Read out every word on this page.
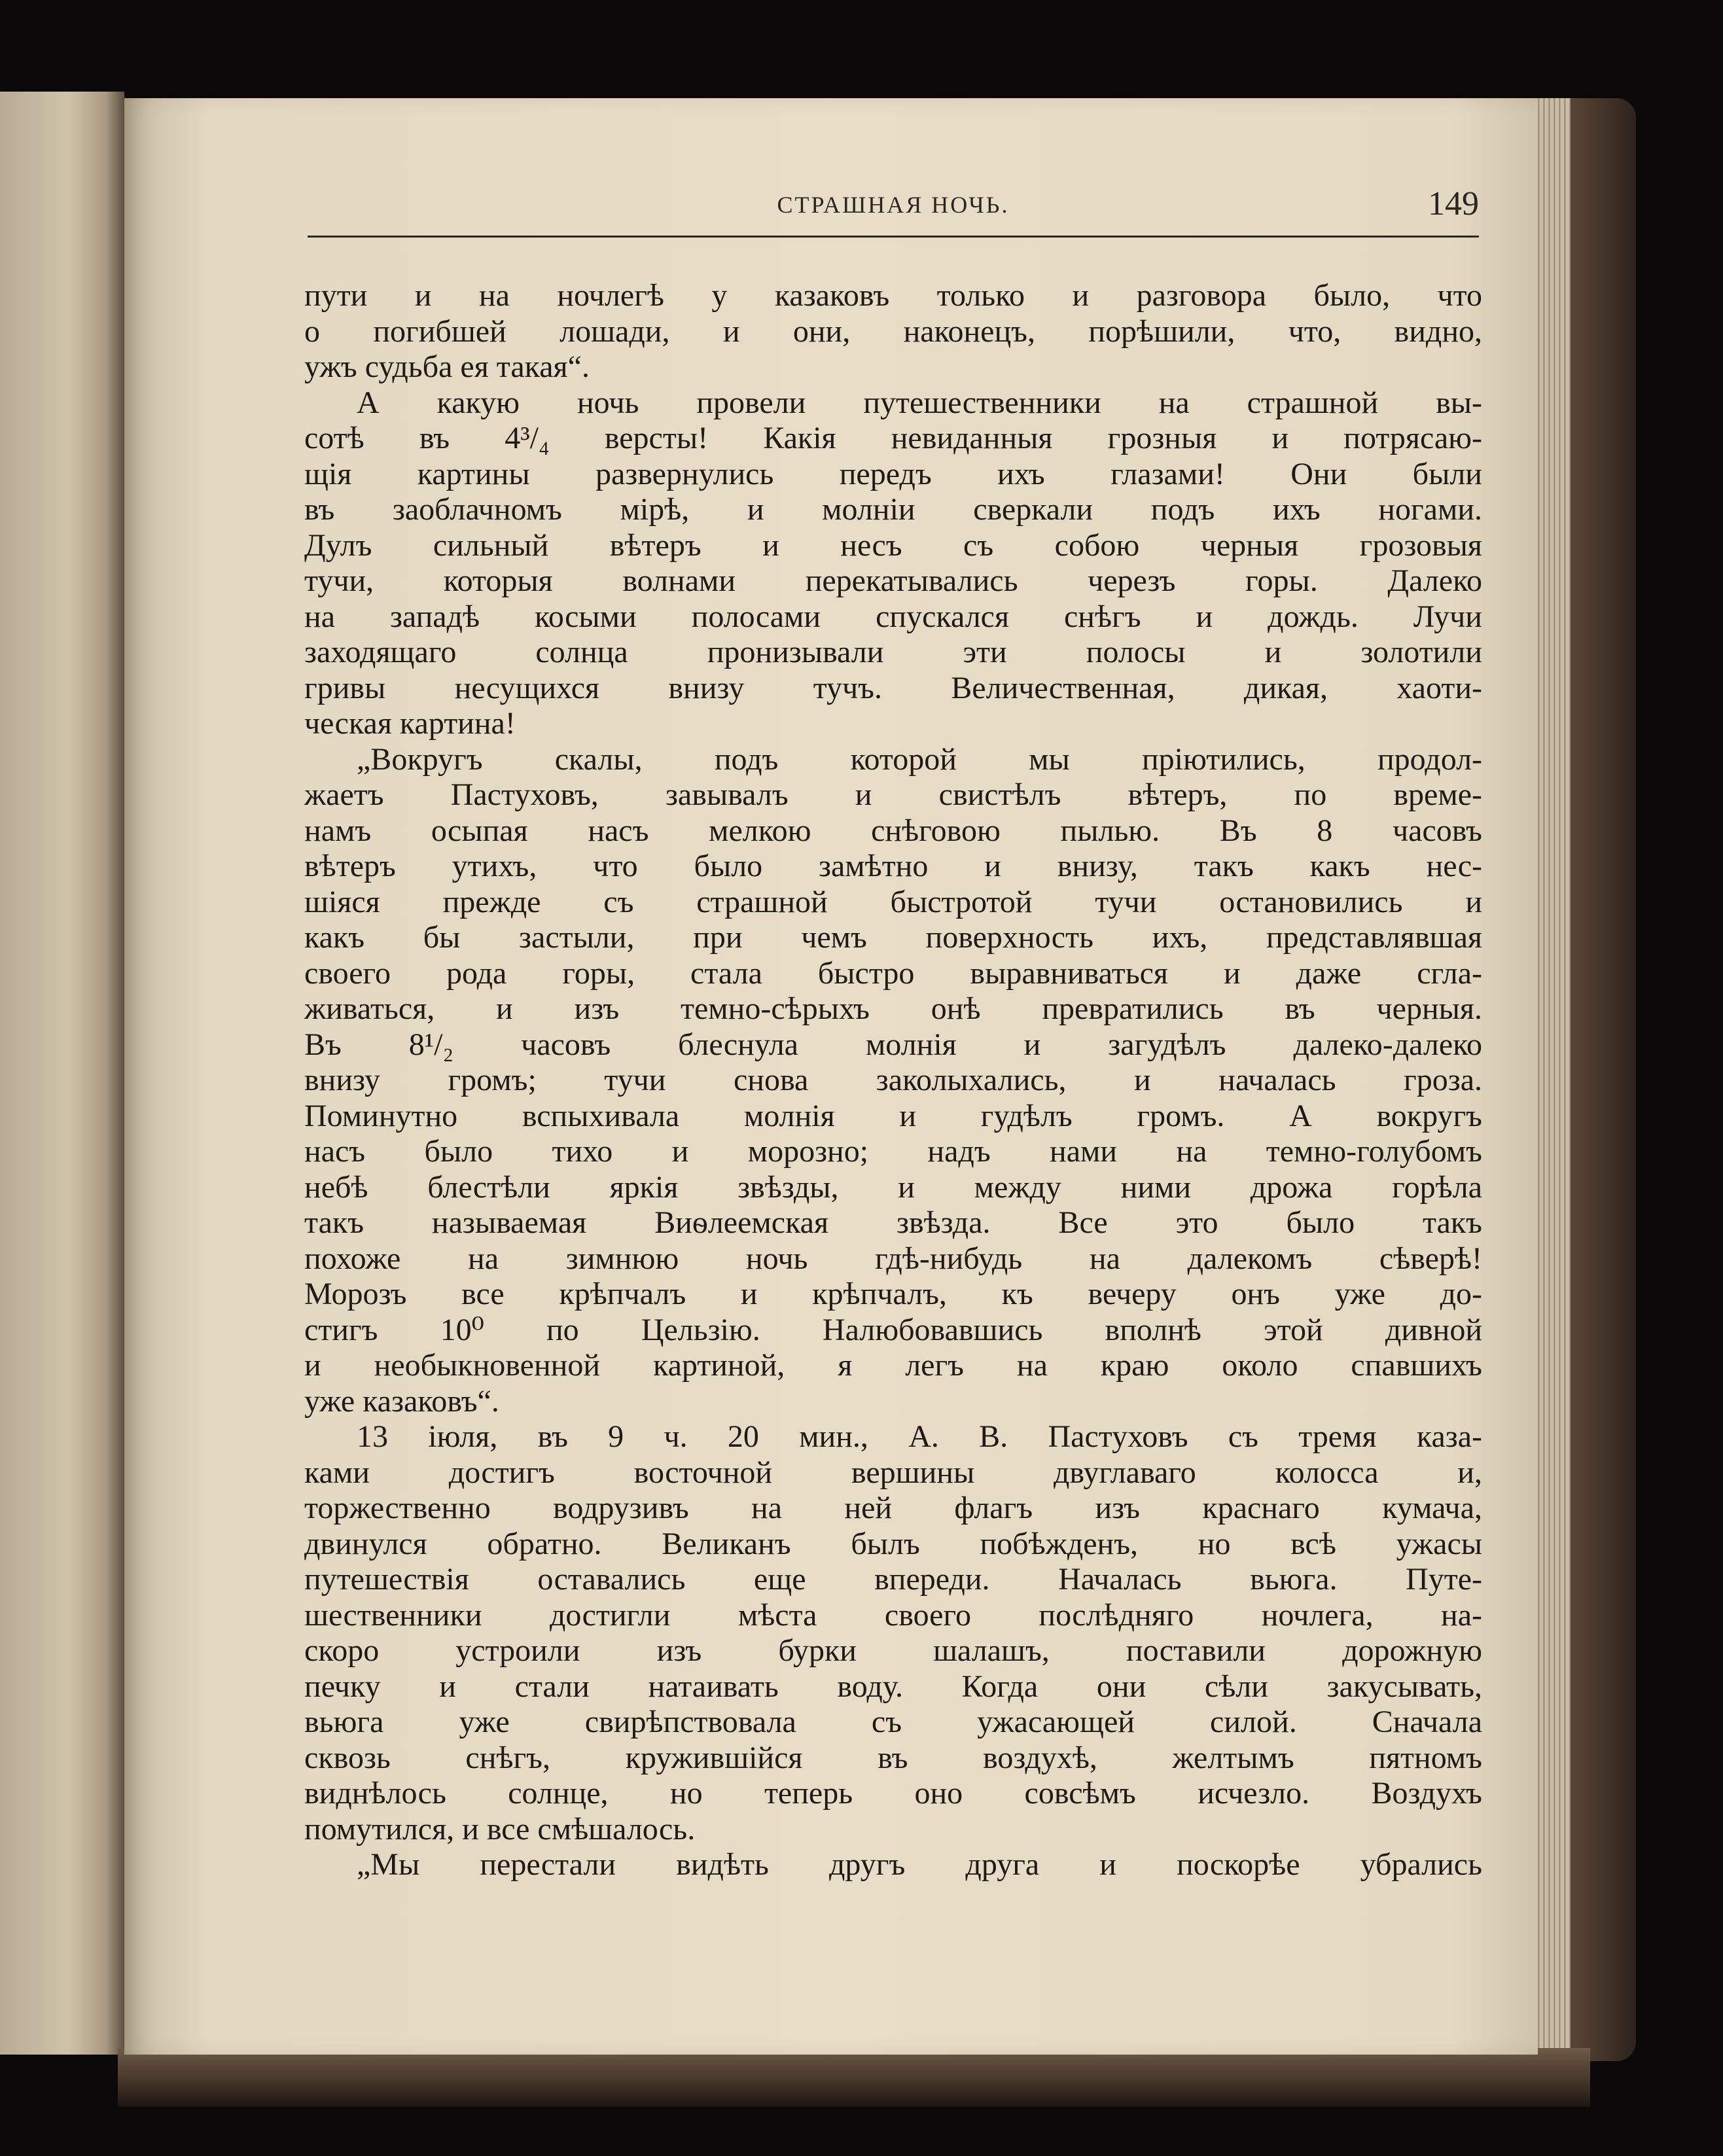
СТРАШНАЯ НОЧЬ.	149
пути и на ночлегѣ у казаковъ только и разговора было, что
о погибшей лошади, и они, наконецъ, порѣшили, что, видно,
ужъ судьба ея такая“.
А какую ночь провели путешественники на страшной вы-
сотѣ въ 4³/₄ версты! Какія невиданныя грозныя и потрясаю-
щія картины развернулись передъ ихъ глазами! Они были
въ заоблачномъ мірѣ, и молніи сверкали подъ ихъ ногами.
Дулъ сильный вѣтеръ и несъ съ собою черныя грозовыя
тучи, которыя волнами перекатывались черезъ горы. Далеко
на западѣ косыми полосами спускался снѣгъ и дождь. Лучи
заходящаго солнца пронизывали эти полосы и золотили
гривы несущихся внизу тучъ. Величественная, дикая, хаоти-
ческая картина!
„Вокругъ скалы, подъ которой мы пріютились, продол-
жаетъ Пастуховъ, завывалъ и свистѣлъ вѣтеръ, по време-
намъ осыпая насъ мелкою снѣговою пылью. Въ 8 часовъ
вѣтеръ утихъ, что было замѣтно и внизу, такъ какъ нес-
шіяся прежде съ страшной быстротой тучи остановились и
какъ бы застыли, при чемъ поверхность ихъ, представлявшая
своего рода горы, стала быстро выравниваться и даже сгла-
живаться, и изъ темно-сѣрыхъ онѣ превратились въ черныя.
Въ 8¹/₂ часовъ блеснула молнія и загудѣлъ далеко-далеко
внизу громъ; тучи снова заколыхались, и началась гроза.
Поминутно вспыхивала молнія и гудѣлъ громъ. А вокругъ
насъ было тихо и морозно; надъ нами на темно-голубомъ
небѣ блестѣли яркія звѣзды, и между ними дрожа горѣла
такъ называемая Виѳлеемская звѣзда. Все это было такъ
похоже на зимнюю ночь гдѣ-нибудь на далекомъ сѣверѣ!
Морозъ все крѣпчалъ и крѣпчалъ, къ вечеру онъ уже до-
стигъ 10⁰ по Цельзію. Налюбовавшись вполнѣ этой дивной
и необыкновенной картиной, я легъ на краю около спавшихъ
уже казаковъ“.
13 іюля, въ 9 ч. 20 мин., А. В. Пастуховъ съ тремя каза-
ками достигъ восточной вершины двуглаваго колосса и,
торжественно водрузивъ на ней флагъ изъ краснаго кумача,
двинулся обратно. Великанъ былъ побѣжденъ, но всѣ ужасы
путешествія оставались еще впереди. Началась вьюга. Путе-
шественники достигли мѣста своего послѣдняго ночлега, на-
скоро устроили изъ бурки шалашъ, поставили дорожную
печку и стали натаивать воду. Когда они сѣли закусывать,
вьюга уже свирѣпствовала съ ужасающей силой. Сначала
сквозь снѣгъ, кружившійся въ воздухѣ, желтымъ пятномъ
виднѣлось солнце, но теперь оно совсѣмъ исчезло. Воздухъ
помутился, и все смѣшалось.
„Мы перестали видѣть другъ друга и поскорѣе убрались
